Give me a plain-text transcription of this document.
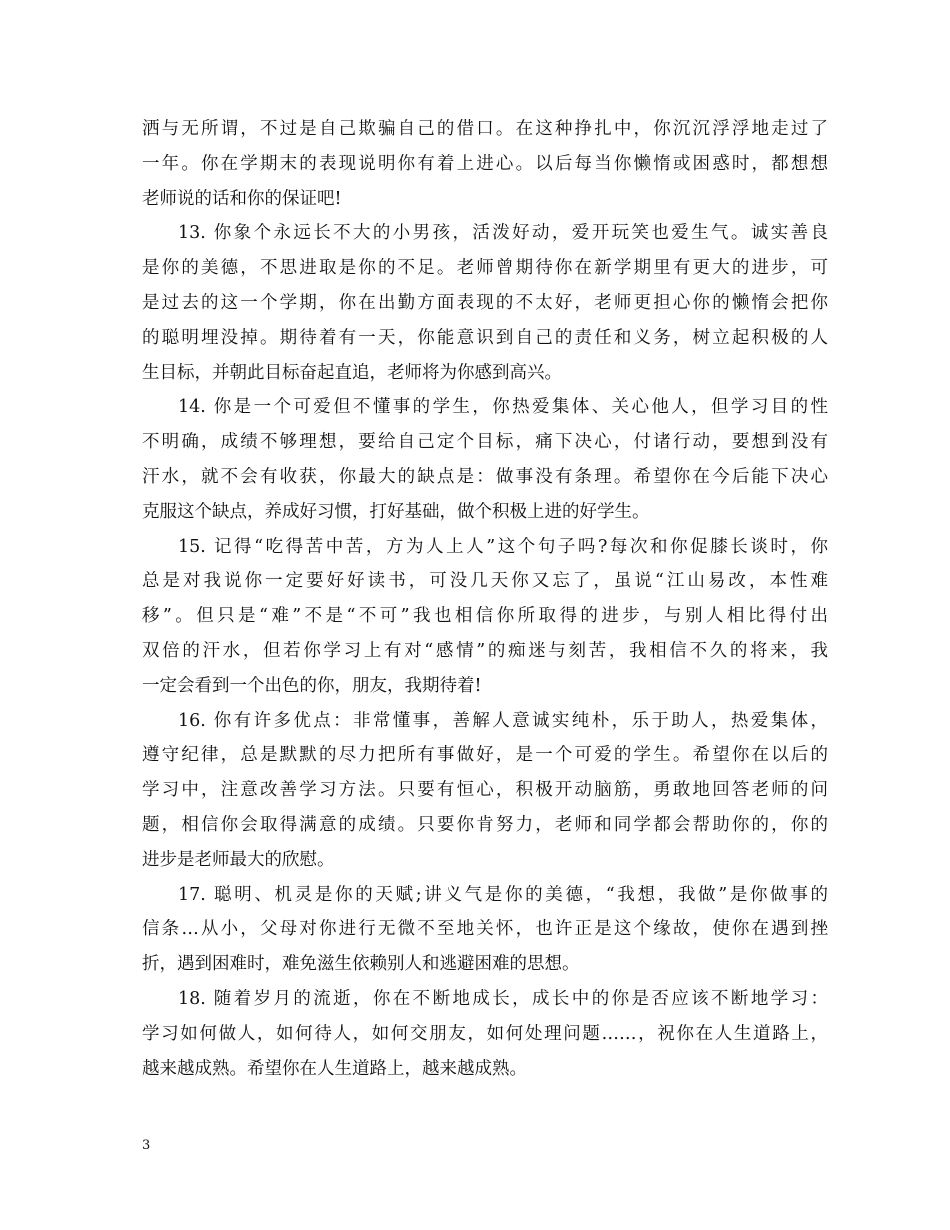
洒与无所谓，不过是自己欺骗自己的借口。在这种挣扎中，你沉沉浮浮地走过了
一年。你在学期末的表现说明你有着上进心。以后每当你懒惰或困惑时，都想想
老师说的话和你的保证吧!
13. 你象个永远长不大的小男孩，活泼好动，爱开玩笑也爱生气。诚实善良
是你的美德，不思进取是你的不足。老师曾期待你在新学期里有更大的进步，可
是过去的这一个学期，你在出勤方面表现的不太好，老师更担心你的懒惰会把你
的聪明埋没掉。期待着有一天，你能意识到自己的责任和义务，树立起积极的人
生目标，并朝此目标奋起直追，老师将为你感到高兴。
14. 你是一个可爱但不懂事的学生，你热爱集体、关心他人，但学习目的性
不明确，成绩不够理想，要给自己定个目标，痛下决心，付诸行动，要想到没有
汗水，就不会有收获，你最大的缺点是：做事没有条理。希望你在今后能下决心
克服这个缺点，养成好习惯，打好基础，做个积极上进的好学生。
15. 记得“吃得苦中苦，方为人上人”这个句子吗?每次和你促膝长谈时，你
总是对我说你一定要好好读书，可没几天你又忘了，虽说“江山易改，本性难
移”。但只是“难”不是“不可”我也相信你所取得的进步，与别人相比得付出
双倍的汗水，但若你学习上有对“感情”的痴迷与刻苦，我相信不久的将来，我
一定会看到一个出色的你，朋友，我期待着!
16. 你有许多优点：非常懂事，善解人意诚实纯朴，乐于助人，热爱集体，
遵守纪律，总是默默的尽力把所有事做好，是一个可爱的学生。希望你在以后的
学习中，注意改善学习方法。只要有恒心，积极开动脑筋，勇敢地回答老师的问
题，相信你会取得满意的成绩。只要你肯努力，老师和同学都会帮助你的，你的
进步是老师最大的欣慰。
17. 聪明、机灵是你的天赋;讲义气是你的美德，“我想，我做”是你做事的
信条…从小，父母对你进行无微不至地关怀，也许正是这个缘故，使你在遇到挫
折，遇到困难时，难免滋生依赖别人和逃避困难的思想。
18. 随着岁月的流逝，你在不断地成长，成长中的你是否应该不断地学习：
学习如何做人，如何待人，如何交朋友，如何处理问题……，祝你在人生道路上，
越来越成熟。希望你在人生道路上，越来越成熟。
3
